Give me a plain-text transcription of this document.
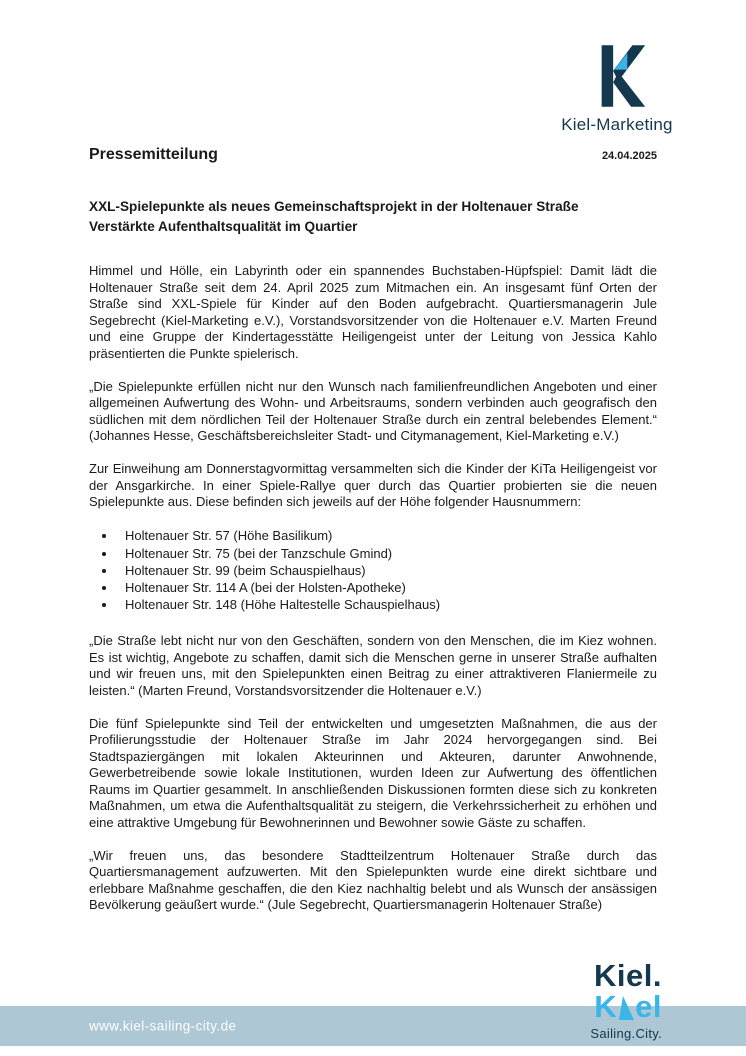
Kiel-Marketing
Pressemitteilung	24.04.2025
XXL-Spielepunkte als neues Gemeinschaftsprojekt in der Holtenauer Straße
Verstärkte Aufenthaltsqualität im Quartier

Himmel und Hölle, ein Labyrinth oder ein spannendes Buchstaben-Hüpfspiel: Damit lädt die Holtenauer Straße seit dem 24. April 2025 zum Mitmachen ein. An insgesamt fünf Orten der Straße sind XXL-Spiele für Kinder auf den Boden aufgebracht. Quartiersmanagerin Jule Segebrecht (Kiel-Marketing e.V.), Vorstandsvorsitzender von die Holtenauer e.V. Marten Freund und eine Gruppe der Kindertagesstätte Heiligengeist unter der Leitung von Jessica Kahlo präsentierten die Punkte spielerisch.

„Die Spielepunkte erfüllen nicht nur den Wunsch nach familienfreundlichen Angeboten und einer allgemeinen Aufwertung des Wohn- und Arbeitsraums, sondern verbinden auch geografisch den südlichen mit dem nördlichen Teil der Holtenauer Straße durch ein zentral belebendes Element.“ (Johannes Hesse, Geschäftsbereichsleiter Stadt- und Citymanagement, Kiel-Marketing e.V.)

Zur Einweihung am Donnerstagvormittag versammelten sich die Kinder der KiTa Heiligengeist vor der Ansgarkirche. In einer Spiele-Rallye quer durch das Quartier probierten sie die neuen Spielepunkte aus. Diese befinden sich jeweils auf der Höhe folgender Hausnummern:

• Holtenauer Str. 57 (Höhe Basilikum)
• Holtenauer Str. 75 (bei der Tanzschule Gmind)
• Holtenauer Str. 99 (beim Schauspielhaus)
• Holtenauer Str. 114 A (bei der Holsten-Apotheke)
• Holtenauer Str. 148 (Höhe Haltestelle Schauspielhaus)

„Die Straße lebt nicht nur von den Geschäften, sondern von den Menschen, die im Kiez wohnen. Es ist wichtig, Angebote zu schaffen, damit sich die Menschen gerne in unserer Straße aufhalten und wir freuen uns, mit den Spielepunkten einen Beitrag zu einer attraktiveren Flaniermeile zu leisten.“ (Marten Freund, Vorstandsvorsitzender die Holtenauer e.V.)

Die fünf Spielepunkte sind Teil der entwickelten und umgesetzten Maßnahmen, die aus der Profilierungsstudie der Holtenauer Straße im Jahr 2024 hervorgegangen sind. Bei Stadtspaziergängen mit lokalen Akteurinnen und Akteuren, darunter Anwohnende, Gewerbetreibende sowie lokale Institutionen, wurden Ideen zur Aufwertung des öffentlichen Raums im Quartier gesammelt. In anschließenden Diskussionen formten diese sich zu konkreten Maßnahmen, um etwa die Aufenthaltsqualität zu steigern, die Verkehrssicherheit zu erhöhen und eine attraktive Umgebung für Bewohnerinnen und Bewohner sowie Gäste zu schaffen.

„Wir freuen uns, das besondere Stadtteilzentrum Holtenauer Straße durch das Quartiersmanagement aufzuwerten. Mit den Spielepunkten wurde eine direkt sichtbare und erlebbare Maßnahme geschaffen, die den Kiez nachhaltig belebt und als Wunsch der ansässigen Bevölkerung geäußert wurde.“ (Jule Segebrecht, Quartiersmanagerin Holtenauer Straße)

Kiel.
K el
Sailing.City.
www.kiel-sailing-city.de
